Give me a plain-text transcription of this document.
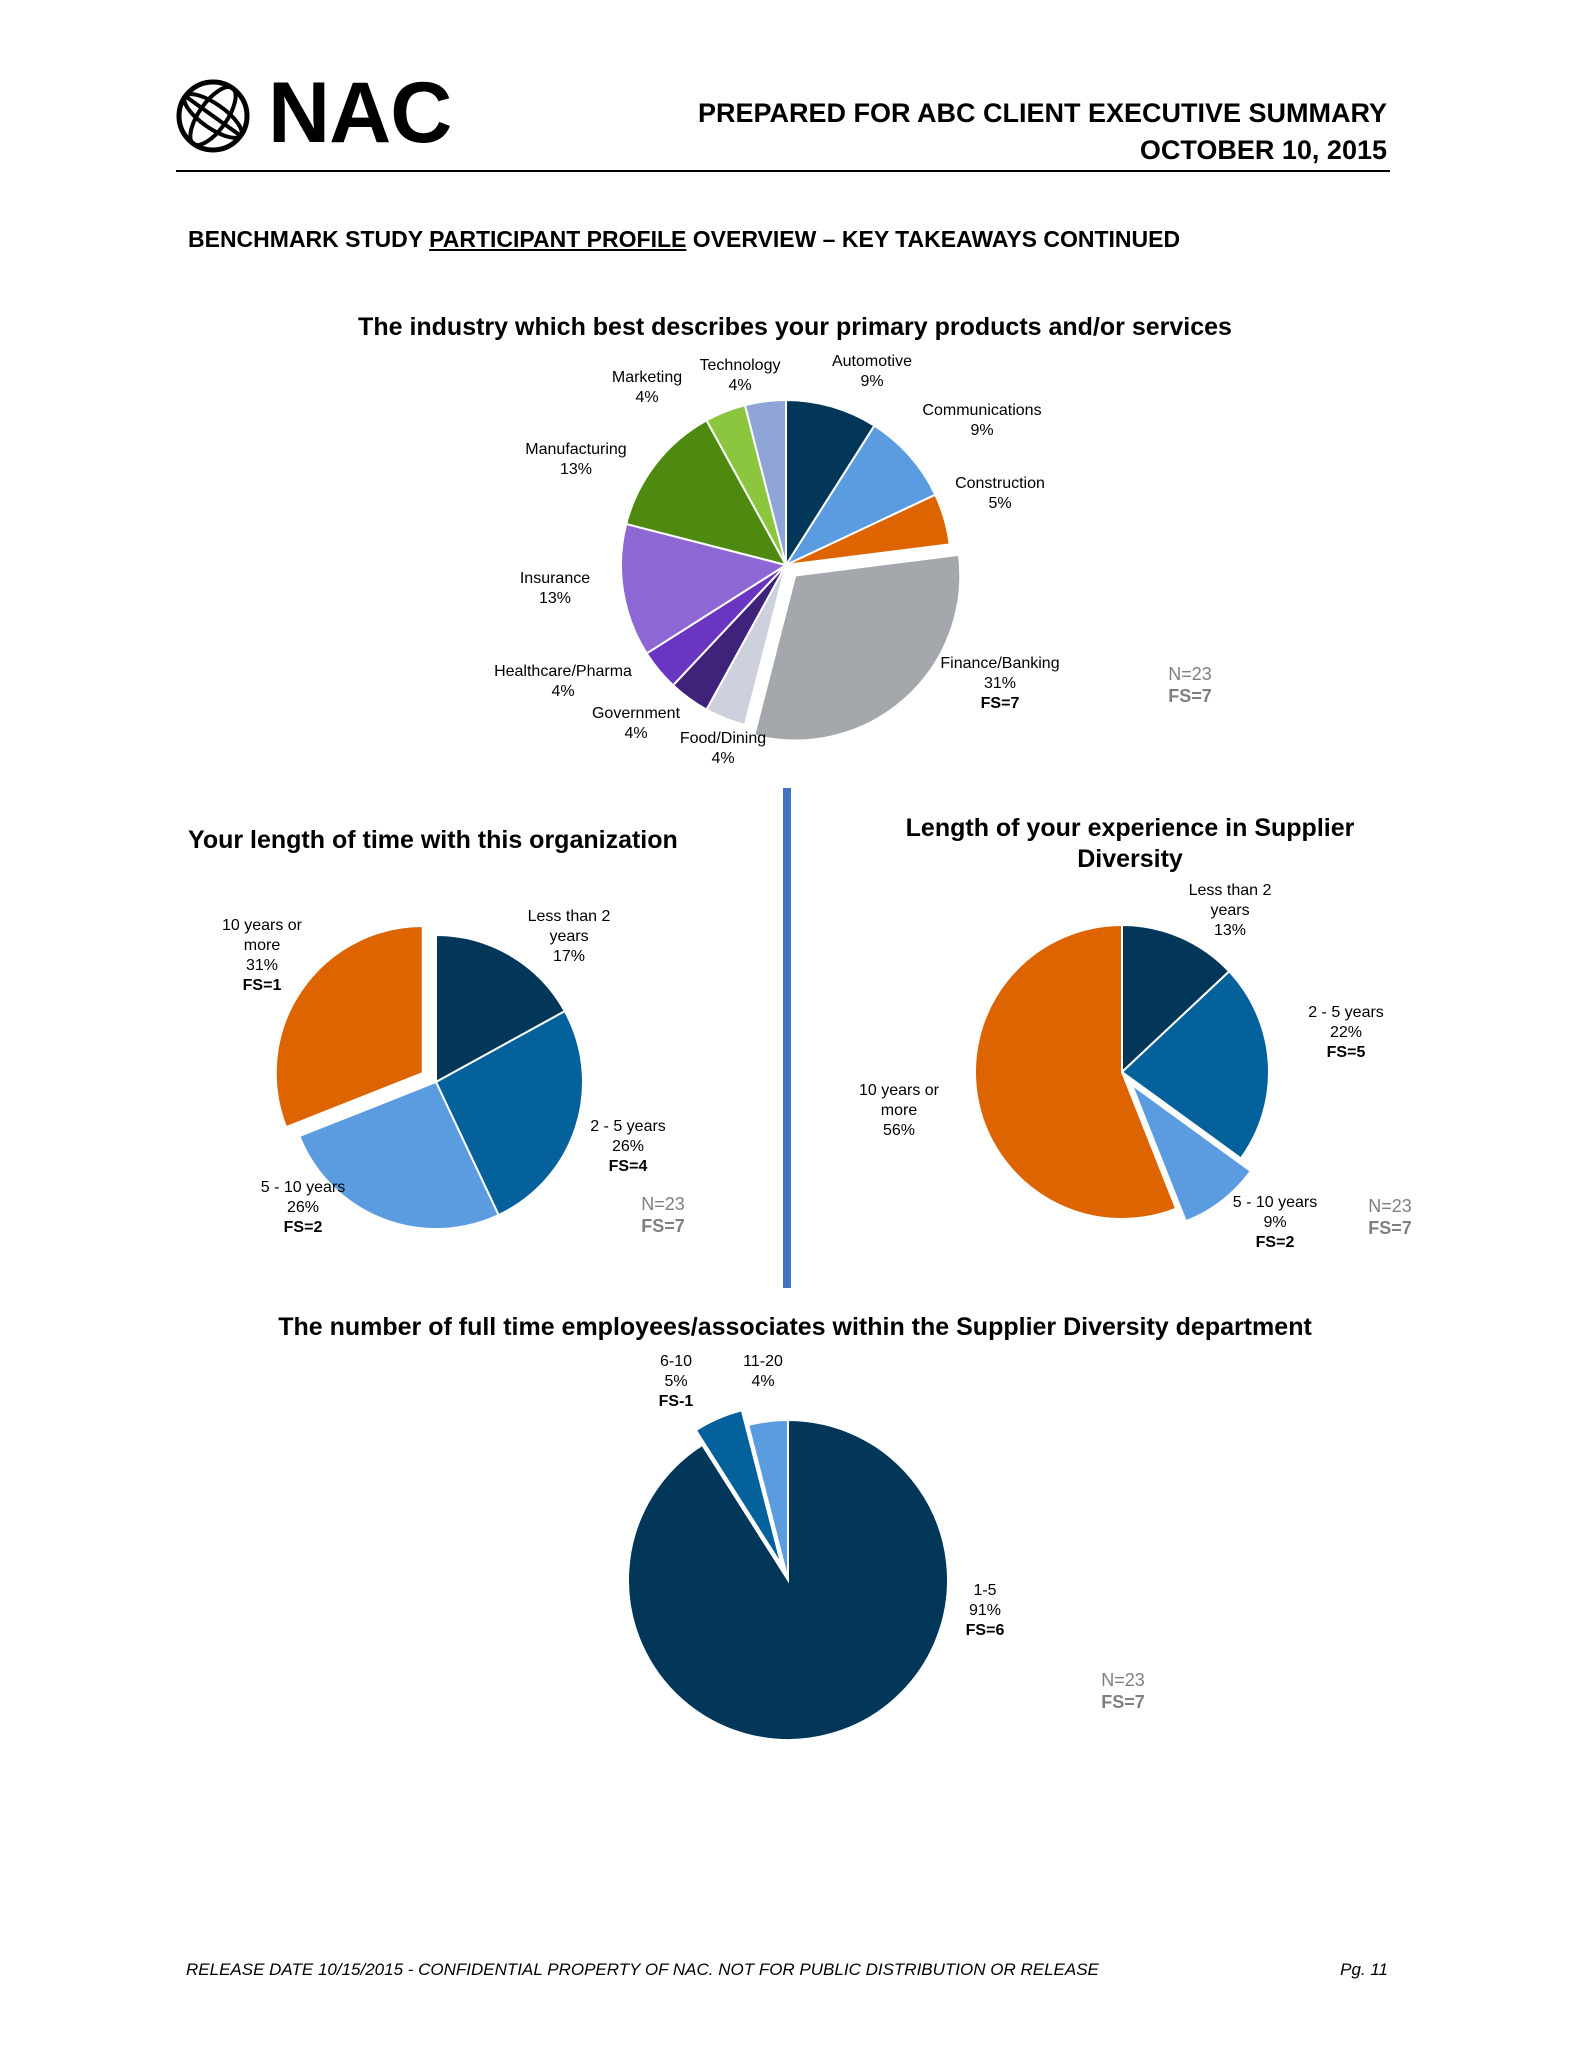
NAC	PREPARED FOR ABC CLIENT EXECUTIVE SUMMARY
OCTOBER 10, 2015
BENCHMARK STUDY PARTICIPANT PROFILE OVERVIEW – KEY TAKEAWAYS CONTINUED
The industry which best describes your primary products and/or services
Your length of time with this organization	Length of your experience in Supplier
Diversity
The number of full time employees/associates within the Supplier Diversity department
Automotive 9%
Communications 9%
Construction 5%
Finance/Banking 31% FS=7
Food/Dining 4%
Government 4%
Healthcare/Pharma 4%
Insurance 13%
Manufacturing 13%
Marketing 4%
Technology 4%
N=23 FS=7
Less than 2 years 17%
2 - 5 years 26% FS=4
5 - 10 years 26% FS=2
10 years or more 31% FS=1
N=23 FS=7
Less than 2 years 13%
2 - 5 years 22% FS=5
5 - 10 years 9% FS=2
10 years or more 56%
N=23 FS=7
1-5 91% FS=6
6-10 5% FS-1
11-20 4%
N=23 FS=7
RELEASE DATE 10/15/2015 - CONFIDENTIAL PROPERTY OF NAC. NOT FOR PUBLIC DISTRIBUTION OR RELEASE	Pg. 11
